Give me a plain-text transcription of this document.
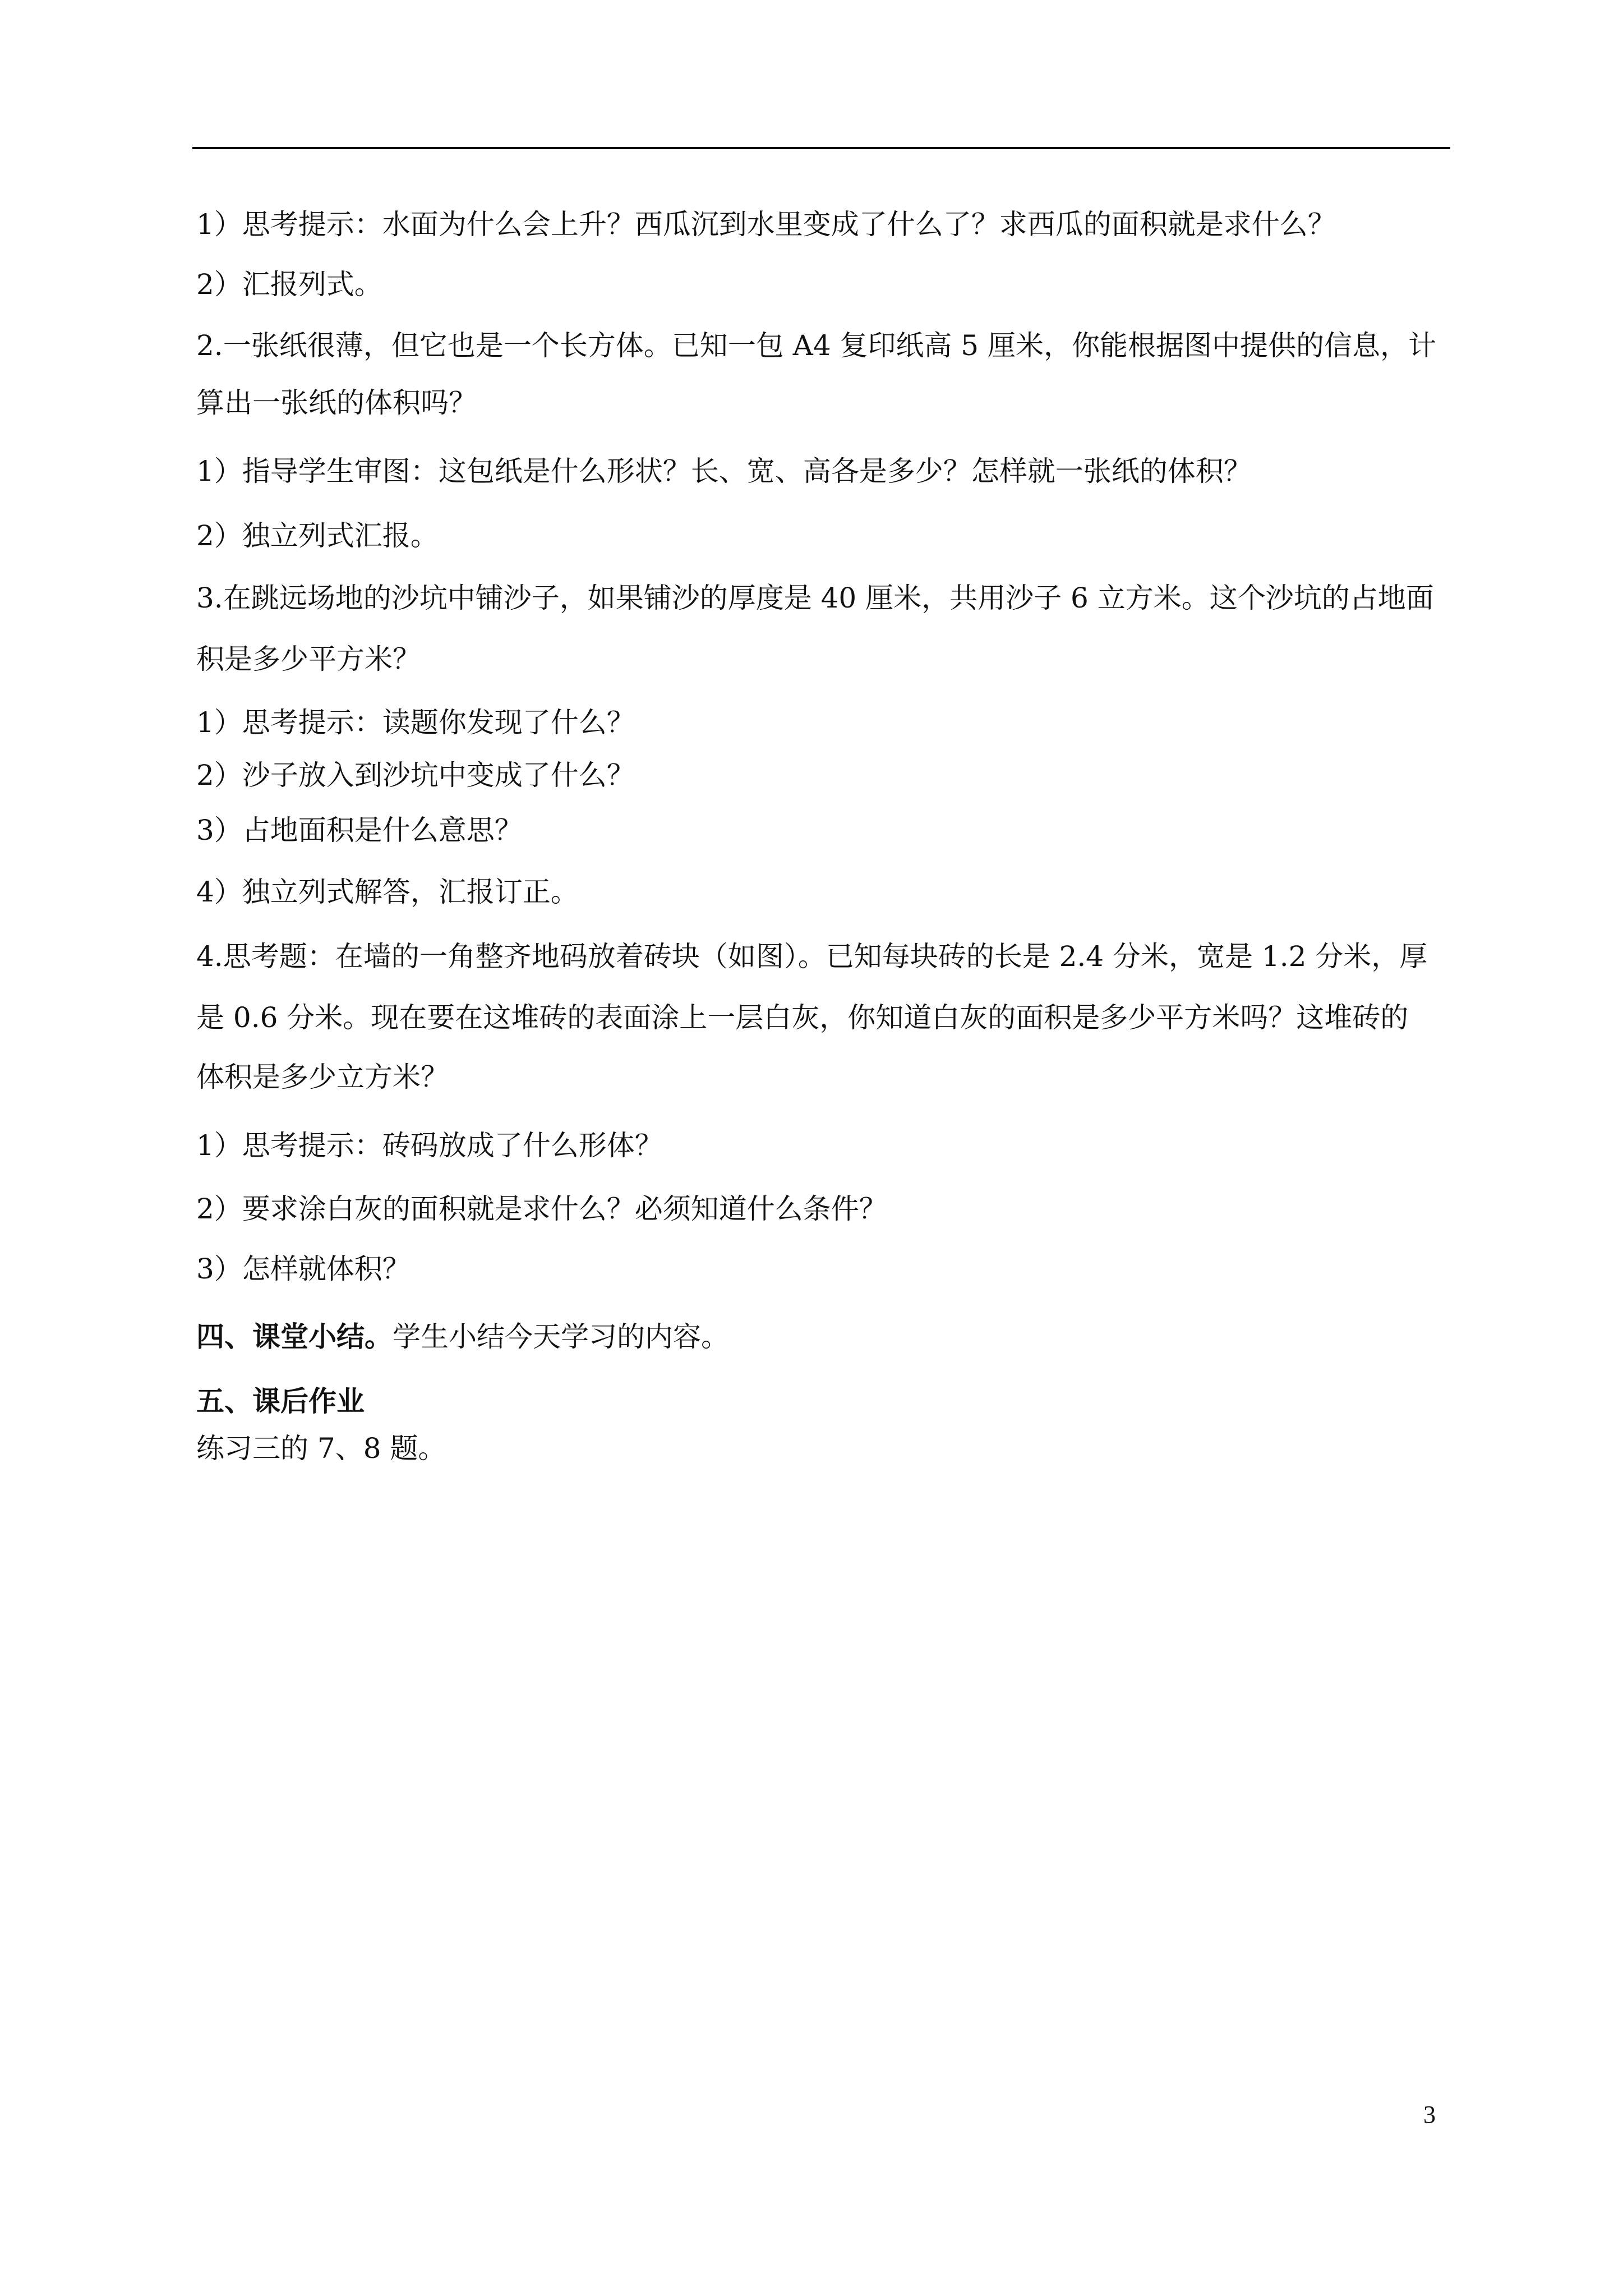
1）思考提示：水面为什么会上升？西瓜沉到水里变成了什么了？求西瓜的面积就是求什么？
2）汇报列式。
2.一张纸很薄，但它也是一个长方体。已知一包 A4 复印纸高 5 厘米，你能根据图中提供的信息，计
算出一张纸的体积吗？
1）指导学生审图：这包纸是什么形状？长、宽、高各是多少？怎样就一张纸的体积？
2）独立列式汇报。
3.在跳远场地的沙坑中铺沙子，如果铺沙的厚度是 40 厘米，共用沙子 6 立方米。这个沙坑的占地面
积是多少平方米？
1）思考提示：读题你发现了什么？
2）沙子放入到沙坑中变成了什么？
3）占地面积是什么意思？
4）独立列式解答，汇报订正。
4.思考题：在墙的一角整齐地码放着砖块（如图）。已知每块砖的长是 2.4 分米，宽是 1.2 分米，厚
是 0.6 分米。现在要在这堆砖的表面涂上一层白灰，你知道白灰的面积是多少平方米吗？这堆砖的
体积是多少立方米？
1）思考提示：砖码放成了什么形体？
2）要求涂白灰的面积就是求什么？必须知道什么条件？
3）怎样就体积？
四、课堂小结。学生小结今天学习的内容。
五、课后作业
练习三的 7、8 题。
3
